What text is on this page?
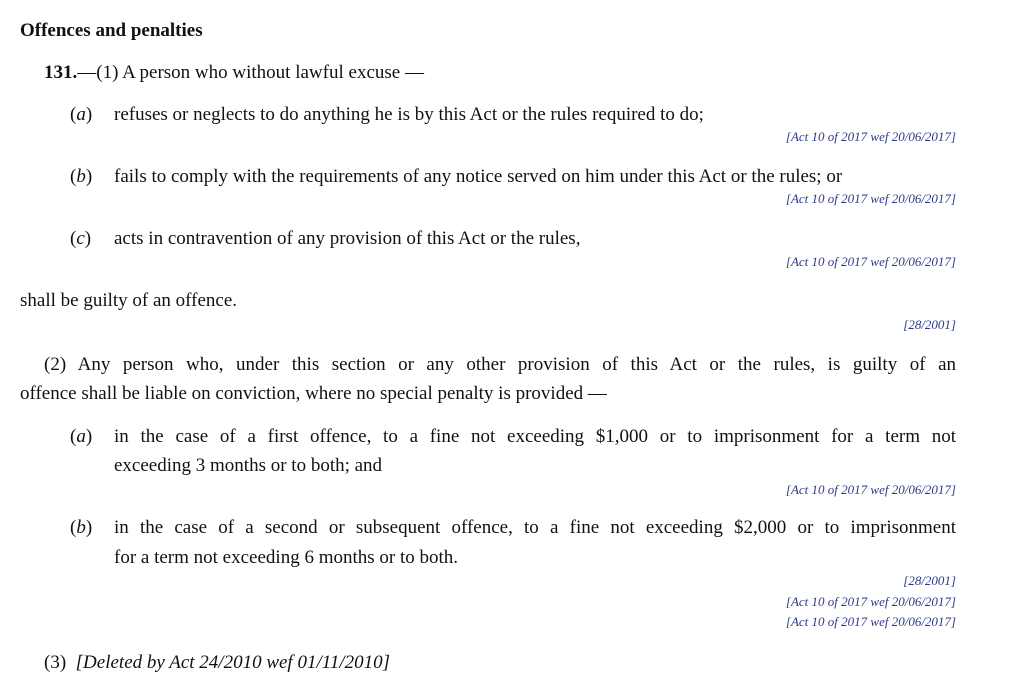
Offences and penalties
131.—(1) A person who without lawful excuse —
(a) refuses or neglects to do anything he is by this Act or the rules required to do;
[Act 10 of 2017 wef 20/06/2017]
(b) fails to comply with the requirements of any notice served on him under this Act or the rules; or
[Act 10 of 2017 wef 20/06/2017]
(c) acts in contravention of any provision of this Act or the rules,
[Act 10 of 2017 wef 20/06/2017]
shall be guilty of an offence.
[28/2001]
(2) Any person who, under this section or any other provision of this Act or the rules, is guilty of an
offence shall be liable on conviction, where no special penalty is provided —
(a) in the case of a first offence, to a fine not exceeding $1,000 or to imprisonment for a term not
exceeding 3 months or to both; and
[Act 10 of 2017 wef 20/06/2017]
(b) in the case of a second or subsequent offence, to a fine not exceeding $2,000 or to imprisonment
for a term not exceeding 6 months or to both.
[28/2001]
[Act 10 of 2017 wef 20/06/2017]
[Act 10 of 2017 wef 20/06/2017]
(3) [Deleted by Act 24/2010 wef 01/11/2010]
